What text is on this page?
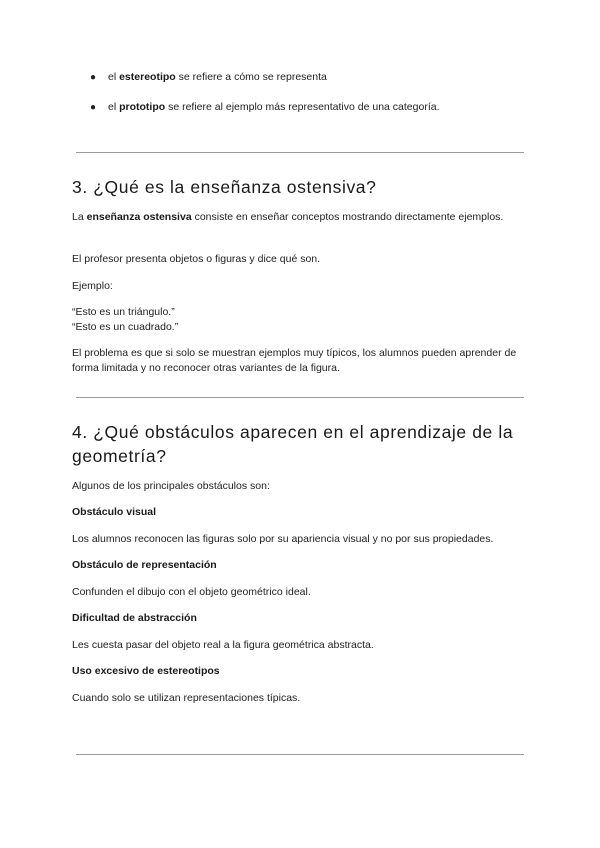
● el estereotipo se refiere a cómo se representa
● el prototipo se refiere al ejemplo más representativo de una categoría.
3. ¿Qué es la enseñanza ostensiva?

La enseñanza ostensiva consiste en enseñar conceptos mostrando directamente ejemplos.

El profesor presenta objetos o figuras y dice qué son.

Ejemplo:

“Esto es un triángulo.”

“Esto es un cuadrado.”

El problema es que si solo se muestran ejemplos muy típicos, los alumnos pueden aprender de forma limitada y no reconocer otras variantes de la figura.

4. ¿Qué obstáculos aparecen en el aprendizaje de la geometría?

Algunos de los principales obstáculos son:

Obstáculo visual

Los alumnos reconocen las figuras solo por su apariencia visual y no por sus propiedades.

Obstáculo de representación

Confunden el dibujo con el objeto geométrico ideal.

Dificultad de abstracción

Les cuesta pasar del objeto real a la figura geométrica abstracta.

Uso excesivo de estereotipos

Cuando solo se utilizan representaciones típicas.
